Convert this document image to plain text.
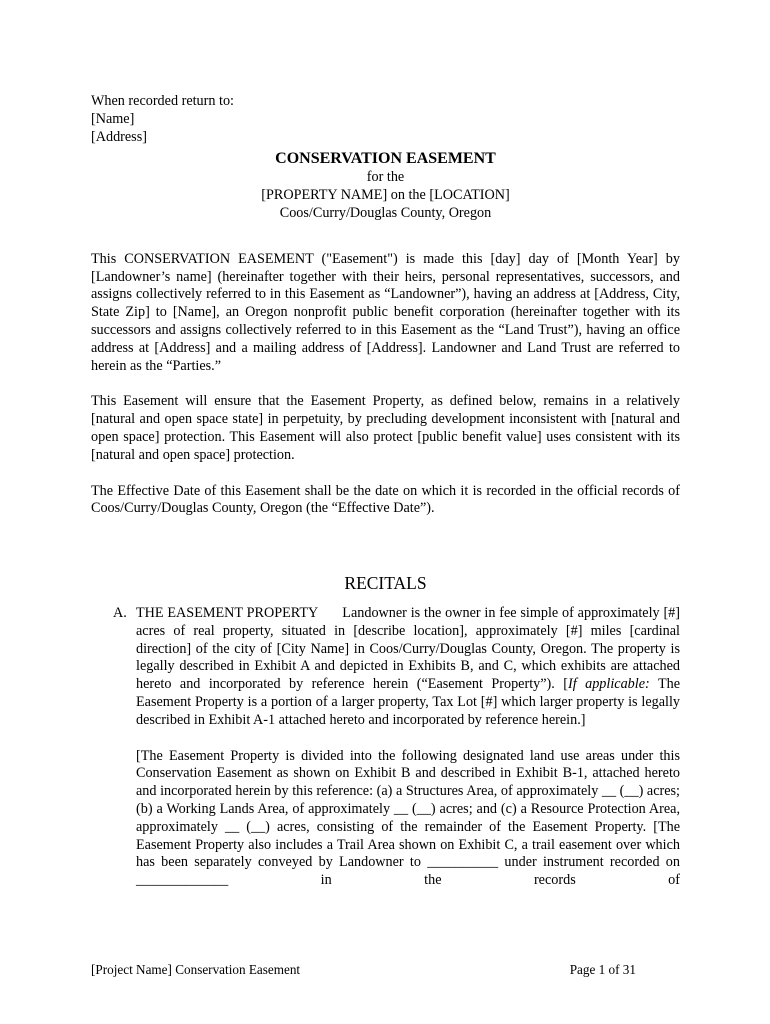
When recorded return to:
[Name]
[Address]
CONSERVATION EASEMENT
for the
[PROPERTY NAME] on the [LOCATION]
Coos/Curry/Douglas County, Oregon

This CONSERVATION EASEMENT ("Easement") is made this [day] day of [Month Year] by [Landowner’s name] (hereinafter together with their heirs, personal representatives, successors, and assigns collectively referred to in this Easement as “Landowner”), having an address at [Address, City, State Zip] to [Name], an Oregon nonprofit public benefit corporation (hereinafter together with its successors and assigns collectively referred to in this Easement as the “Land Trust”), having an office address at [Address] and a mailing address of [Address]. Landowner and Land Trust are referred to herein as the “Parties.”

This Easement will ensure that the Easement Property, as defined below, remains in a relatively [natural and open space state] in perpetuity, by precluding development inconsistent with [natural and open space] protection. This Easement will also protect [public benefit value] uses consistent with its [natural and open space] protection.

The Effective Date of this Easement shall be the date on which it is recorded in the official records of Coos/Curry/Douglas County, Oregon (the “Effective Date”).

RECITALS
A. THE EASEMENT PROPERTY Landowner is the owner in fee simple of approximately [#] acres of real property, situated in [describe location], approximately [#] miles [cardinal direction] of the city of [City Name] in Coos/Curry/Douglas County, Oregon. The property is legally described in Exhibit A and depicted in Exhibits B, and C, which exhibits are attached hereto and incorporated by reference herein (“Easement Property”). [If applicable: The Easement Property is a portion of a larger property, Tax Lot [#] which larger property is legally described in Exhibit A-1 attached hereto and incorporated by reference herein.]
[The Easement Property is divided into the following designated land use areas under this Conservation Easement as shown on Exhibit B and described in Exhibit B-1, attached hereto and incorporated herein by this reference: (a) a Structures Area, of approximately __ (__) acres; (b) a Working Lands Area, of approximately __ (__) acres; and (c) a Resource Protection Area, approximately __ (__) acres, consisting of the remainder of the Easement Property. [The Easement Property also includes a Trail Area shown on Exhibit C, a trail easement over which has been separately conveyed by Landowner to __________ under instrument recorded on _____________ in the records of
[Project Name] Conservation Easement	Page 1 of 31
